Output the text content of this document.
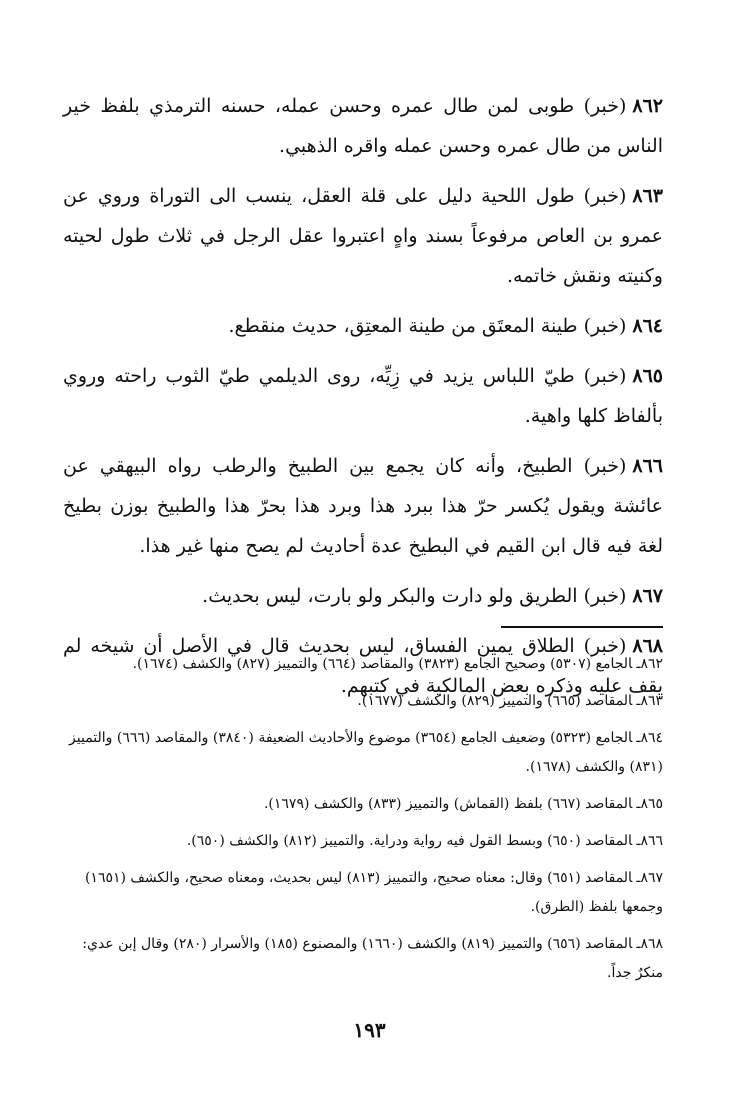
٨٦٢(خبر) طوبى لمن طال عمره وحسن عمله، حسنه الترمذي بلفظ خير الناس من طال عمره وحسن عمله واقره الذهبي.

٨٦٣(خبر) طول اللحية دليل على قلة العقل، ينسب الى التوراة وروي عن عمرو بن العاص مرفوعاً بسند واهٍ اعتبروا عقل الرجل في ثلاث طول لحيته وكنيته ونقش خاتمه.

٨٦٤(خبر) طينة المعتَق من طينة المعتِق، حديث منقطع.

٨٦٥(خبر) طيّ اللباس يزيد في زِيِّه، روى الديلمي طيّ الثوب راحته وروي بألفاظ كلها واهية.

٨٦٦(خبر) الطبيخ، وأنه كان يجمع بين الطبيخ والرطب رواه البيهقي عن عائشة ويقول يُكسر حرّ هذا ببرد هذا وبرد هذا بحرّ هذا والطبيخ بوزن بطيخ لغة فيه قال ابن القيم في البطيخ عدة أحاديث لم يصح منها غير هذا.

٨٦٧(خبر) الطريق ولو دارت والبكر ولو بارت، ليس بحديث.

٨٦٨(خبر) الطلاق يمين الفساق، ليس بحديث قال في الأصل أن شيخه لم يقف عليه وذكره بعض المالكية في كتبهم.

٨٦٢ـالجامع (٥٣٠٧) وصحيح الجامع (٣٨٢٣) والمقاصد (٦٦٤) والتمييز (٨٢٧) والكشف (١٦٧٤).

٨٦٣ـالمقاصد (٦٦٥) والتمييز (٨٢٩) والكشف (١٦٧٧).

٨٦٤ـالجامع (٥٣٢٣) وضعيف الجامع (٣٦٥٤) موضوع والأحاديث الضعيفة (٣٨٤٠) والمقاصد (٦٦٦) والتمييز (٨٣١) والكشف (١٦٧٨).

٨٦٥ـالمقاصد (٦٦٧) بلفظ (القماش) والتمييز (٨٣٣) والكشف (١٦٧٩).

٨٦٦ـالمقاصد (٦٥٠) وبسط القول فيه رواية ودراية. والتمييز (٨١٢) والكشف (٦٥٠).

٨٦٧ـالمقاصد (٦٥١) وقال: معناه صحيح، والتمييز (٨١٣) ليس بحديث، ومعناه صحيح، والكشف (١٦٥١) وجمعها بلفظ (الطرق).

٨٦٨ـالمقاصد (٦٥٦) والتمييز (٨١٩) والكشف (١٦٦٠) والمصنوع (١٨٥) والأسرار (٢٨٠) وقال إبن عدي: منكرٌ جداً.

١٩٣
